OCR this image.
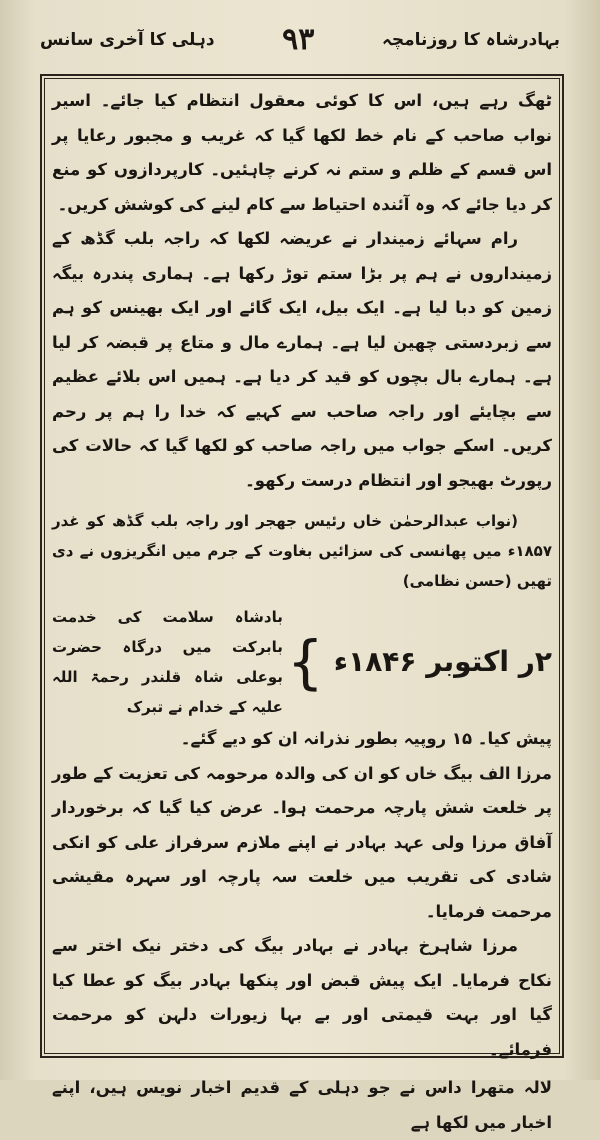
بہادرشاہ کا روزنامچہ
۹۳
دہلی کا آخری سانس

ٹھگ رہے ہیں، اس کا کوئی معقول انتظام کیا جائے۔ اسیر نواب صاحب کے نام خط لکھا گیا کہ غریب و مجبور رعایا پر اس قسم کے ظلم و ستم نہ کرنے چاہئیں۔ کارپردازوں کو منع کر دیا جائے کہ وہ آئندہ احتیاط سے کام لینے کی کوشش کریں۔

رام سہائے زمیندار نے عریضہ لکھا کہ راجہ بلب گڈھ کے زمینداروں نے ہم پر بڑا ستم توڑ رکھا ہے۔ ہماری پندرہ بیگہ زمین کو دبا لیا ہے۔ ایک بیل، ایک گائے اور ایک بھینس کو ہم سے زبردستی چھین لیا ہے۔ ہمارے مال و متاع پر قبضہ کر لیا ہے۔ ہمارے بال بچوں کو قید کر دیا ہے۔ ہمیں اس بلائے عظیم سے بچایئے اور راجہ صاحب سے کہیے کہ خدا را ہم پر رحم کریں۔ اسکے جواب میں راجہ صاحب کو لکھا گیا کہ حالات کی رپورٹ بھیجو اور انتظام درست رکھو۔

(نواب عبدالرحمٰن خاں رئیس جھجر اور راجہ بلب گڈھ کو غدر ۱۸۵۷ء میں پھانسی کی سزائیں بغاوت کے جرم میں انگریزوں نے دی تھیں (حسن نظامی)

۲ر اکتوبر ۱۸۴۶ء
}
بادشاہ سلامت کی خدمت بابرکت میں درگاہ حضرت بوعلی شاہ قلندر رحمۃ اللہ علیہ کے خدام نے تبرک

پیش کیا۔ ۱۵ روپیہ بطور نذرانہ ان کو دیے گئے۔

مرزا الف بیگ خاں کو ان کی والدہ مرحومہ کی تعزیت کے طور پر خلعت شش پارچہ مرحمت ہوا۔ عرض کیا گیا کہ برخوردار آفاق مرزا ولی عہد بہادر نے اپنے ملازم سرفراز علی کو انکی شادی کی تقریب میں خلعت سہ پارچہ اور سہرہ مقیشی مرحمت فرمایا۔

مرزا شاہرخ بہادر نے بہادر بیگ کی دختر نیک اختر سے نکاح فرمایا۔ ایک پیش قبض اور پنکھا بہادر بیگ کو عطا کیا گیا اور بہت قیمتی اور بے بہا زیورات دلہن کو مرحمت فرمائے۔

لالہ متھرا داس نے جو دہلی کے قدیم اخبار نویس ہیں، اپنے اخبار میں لکھا ہے
